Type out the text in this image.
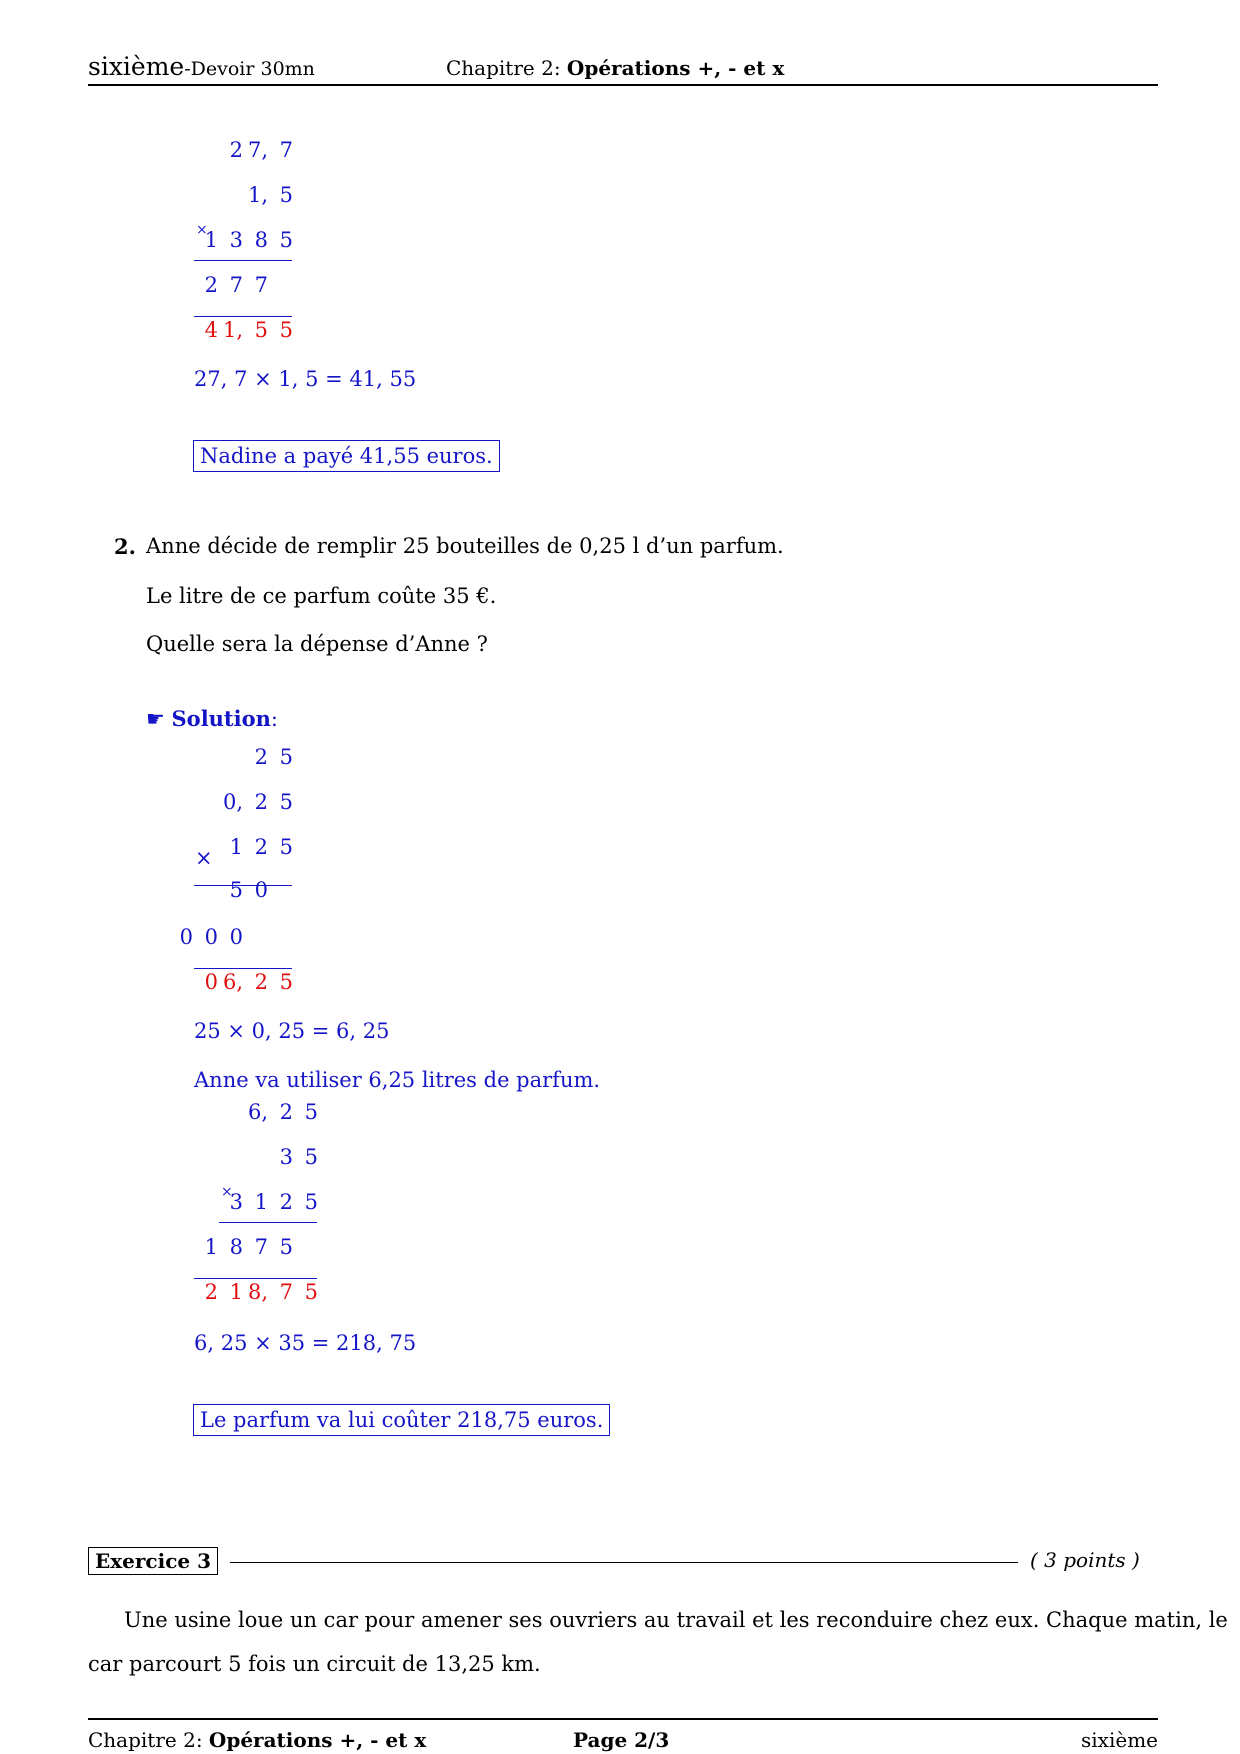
sixième-Devoir 30mn	Chapitre 2: Opérations +, - et x
2 7, 7
1, 5
×
1 3 8 5
2 7 7
4 1, 5 5
27, 7 × 1, 5 = 41, 55
Nadine a payé 41,55 euros.
2. Anne décide de remplir 25 bouteilles de 0,25 l d’un parfum.
Le litre de ce parfum coûte 35 €.
Quelle sera la dépense d’Anne ?
☛ Solution:
2 5
0, 2 5
× 1 2 5
5 0
0 0 0
0 6, 2 5
25 × 0, 25 = 6, 25
Anne va utiliser 6,25 litres de parfum.
6, 2 5
3 5
×
3 1 2 5
1 8 7 5
2 1 8, 7 5
6, 25 × 35 = 218, 75
Le parfum va lui coûter 218,75 euros.
Exercice 3	( 3 points )
Une usine loue un car pour amener ses ouvriers au travail et les reconduire chez eux. Chaque matin, le
car parcourt 5 fois un circuit de 13,25 km.
Chapitre 2: Opérations +, - et x	Page 2/3	sixième
